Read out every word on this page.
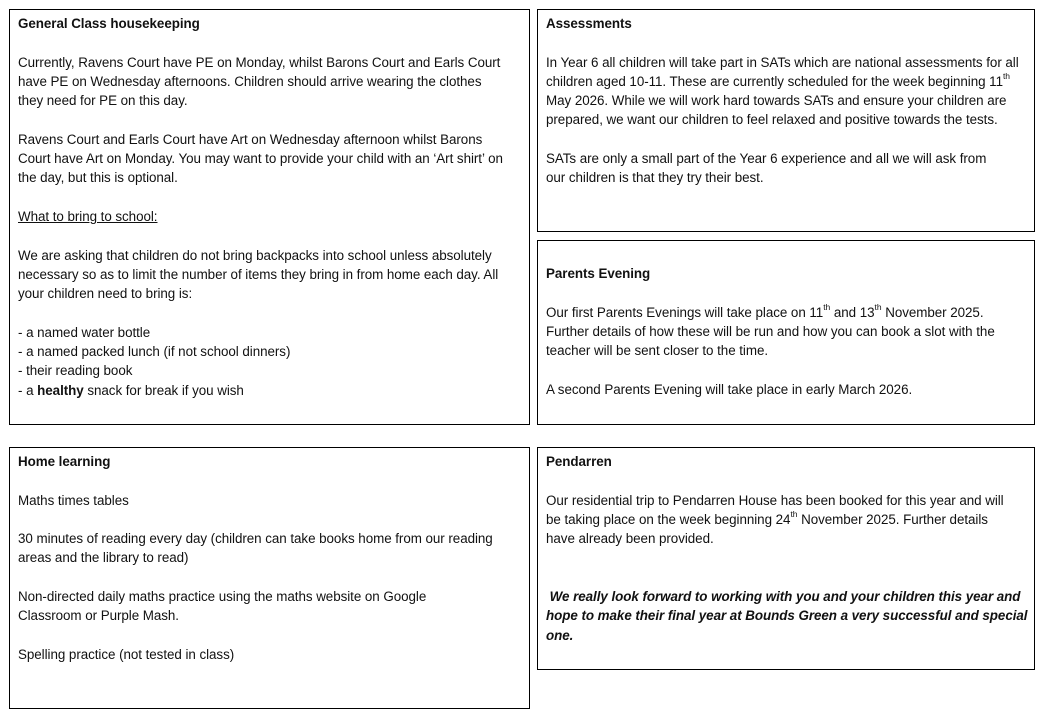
General Class housekeeping

Currently, Ravens Court have PE on Monday, whilst Barons Court and Earls Court have PE on Wednesday afternoons. Children should arrive wearing the clothes they need for PE on this day.

Ravens Court and Earls Court have Art on Wednesday afternoon whilst Barons Court have Art on Monday. You may want to provide your child with an ‘Art shirt’ on the day, but this is optional.

What to bring to school:

We are asking that children do not bring backpacks into school unless absolutely necessary so as to limit the number of items they bring in from home each day. All your children need to bring is:

- a named water bottle

- a named packed lunch (if not school dinners)

- their reading book

- a healthy snack for break if you wish

Assessments

In Year 6 all children will take part in SATs which are national assessments for all children aged 10-11. These are currently scheduled for the week beginning 11th May 2026. While we will work hard towards SATs and ensure your children are prepared, we want our children to feel relaxed and positive towards the tests.

SATs are only a small part of the Year 6 experience and all we will ask from our children is that they try their best.

Parents Evening

Our first Parents Evenings will take place on 11th and 13th November 2025. Further details of how these will be run and how you can book a slot with the teacher will be sent closer to the time.

A second Parents Evening will take place in early March 2026.

Home learning

Maths times tables

30 minutes of reading every day (children can take books home from our reading areas and the library to read)

Non-directed daily maths practice using the maths website on Google Classroom or Purple Mash.

Spelling practice (not tested in class)

Pendarren

Our residential trip to Pendarren House has been booked for this year and will be taking place on the week beginning 24th November 2025. Further details have already been provided.

We really look forward to working with you and your children this year and hope to make their final year at Bounds Green a very successful and special one.
